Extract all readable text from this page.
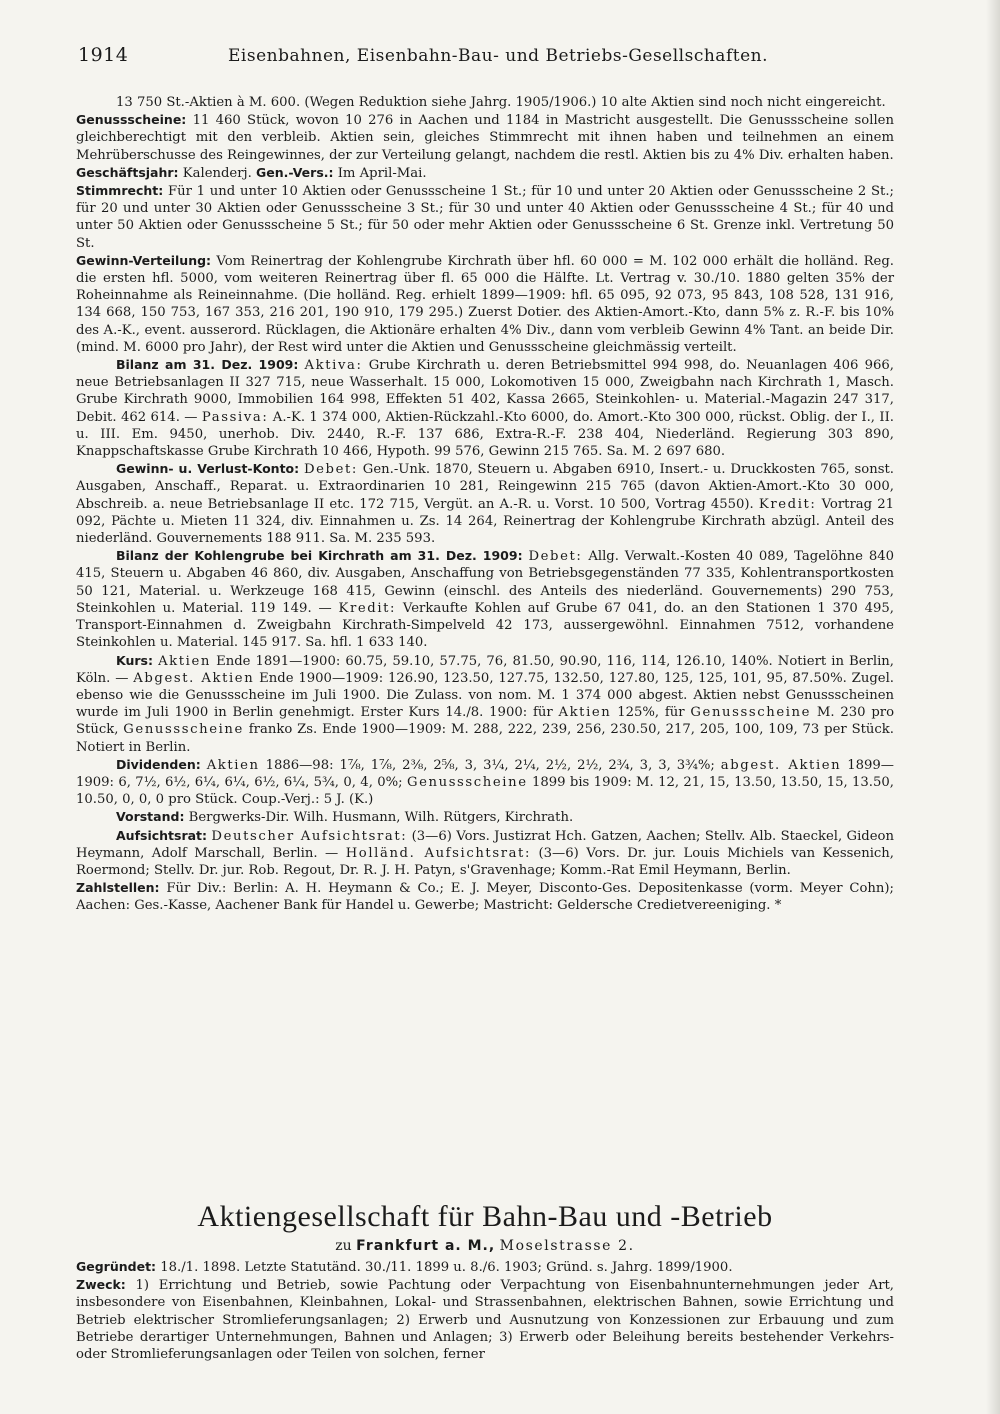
1914	Eisenbahnen, Eisenbahn-Bau- und Betriebs-Gesellschaften.

13 750 St.-Aktien à M. 600. (Wegen Reduktion siehe Jahrg. 1905/1906.) 10 alte Aktien sind noch nicht eingereicht.

Genussscheine: 11 460 Stück, wovon 10 276 in Aachen und 1184 in Mastricht ausgestellt. Die Genussscheine sollen gleichberechtigt mit den verbleib. Aktien sein, gleiches Stimmrecht mit ihnen haben und teilnehmen an einem Mehrüberschusse des Reingewinnes, der zur Verteilung gelangt, nachdem die restl. Aktien bis zu 4% Div. erhalten haben.

Geschäftsjahr: Kalenderj. Gen.-Vers.: Im April-Mai.

Stimmrecht: Für 1 und unter 10 Aktien oder Genussscheine 1 St.; für 10 und unter 20 Aktien oder Genussscheine 2 St.; für 20 und unter 30 Aktien oder Genussscheine 3 St.; für 30 und unter 40 Aktien oder Genussscheine 4 St.; für 40 und unter 50 Aktien oder Genussscheine 5 St.; für 50 oder mehr Aktien oder Genussscheine 6 St. Grenze inkl. Vertretung 50 St.

Gewinn-Verteilung: Vom Reinertrag der Kohlengrube Kirchrath über hfl. 60 000 = M. 102 000 erhält die holländ. Reg. die ersten hfl. 5000, vom weiteren Reinertrag über fl. 65 000 die Hälfte. Lt. Vertrag v. 30./10. 1880 gelten 35% der Roheinnahme als Reineinnahme. (Die holländ. Reg. erhielt 1899—1909: hfl. 65 095, 92 073, 95 843, 108 528, 131 916, 134 668, 150 753, 167 353, 216 201, 190 910, 179 295.) Zuerst Dotier. des Aktien-Amort.-Kto, dann 5% z. R.-F. bis 10% des A.-K., event. ausserord. Rücklagen, die Aktionäre erhalten 4% Div., dann vom verbleib Gewinn 4% Tant. an beide Dir. (mind. M. 6000 pro Jahr), der Rest wird unter die Aktien und Genussscheine gleichmässig verteilt.

Bilanz am 31. Dez. 1909: Aktiva: Grube Kirchrath u. deren Betriebsmittel 994 998, do. Neuanlagen 406 966, neue Betriebsanlagen II 327 715, neue Wasserhalt. 15 000, Lokomotiven 15 000, Zweigbahn nach Kirchrath 1, Masch. Grube Kirchrath 9000, Immobilien 164 998, Effekten 51 402, Kassa 2665, Steinkohlen- u. Material.-Magazin 247 317, Debit. 462 614. — Passiva: A.-K. 1 374 000, Aktien-Rückzahl.-Kto 6000, do. Amort.-Kto 300 000, rückst. Oblig. der I., II. u. III. Em. 9450, unerhob. Div. 2440, R.-F. 137 686, Extra-R.-F. 238 404, Niederländ. Regierung 303 890, Knappschaftskasse Grube Kirchrath 10 466, Hypoth. 99 576, Gewinn 215 765. Sa. M. 2 697 680.

Gewinn- u. Verlust-Konto: Debet: Gen.-Unk. 1870, Steuern u. Abgaben 6910, Insert.- u. Druckkosten 765, sonst. Ausgaben, Anschaff., Reparat. u. Extraordinarien 10 281, Reingewinn 215 765 (davon Aktien-Amort.-Kto 30 000, Abschreib. a. neue Betriebsanlage II etc. 172 715, Vergüt. an A.-R. u. Vorst. 10 500, Vortrag 4550). Kredit: Vortrag 21 092, Pächte u. Mieten 11 324, div. Einnahmen u. Zs. 14 264, Reinertrag der Kohlengrube Kirchrath abzügl. Anteil des niederländ. Gouvernements 188 911. Sa. M. 235 593.

Bilanz der Kohlengrube bei Kirchrath am 31. Dez. 1909: Debet: Allg. Verwalt.-Kosten 40 089, Tagelöhne 840 415, Steuern u. Abgaben 46 860, div. Ausgaben, Anschaffung von Betriebsgegenständen 77 335, Kohlentransportkosten 50 121, Material. u. Werkzeuge 168 415, Gewinn (einschl. des Anteils des niederländ. Gouvernements) 290 753, Steinkohlen u. Material. 119 149. — Kredit: Verkaufte Kohlen auf Grube 67 041, do. an den Stationen 1 370 495, Transport-Einnahmen d. Zweigbahn Kirchrath-Simpelveld 42 173, aussergewöhnl. Einnahmen 7512, vorhandene Steinkohlen u. Material. 145 917. Sa. hfl. 1 633 140.

Kurs: Aktien Ende 1891—1900: 60.75, 59.10, 57.75, 76, 81.50, 90.90, 116, 114, 126.10, 140%. Notiert in Berlin, Köln. — Abgest. Aktien Ende 1900—1909: 126.90, 123.50, 127.75, 132.50, 127.80, 125, 125, 101, 95, 87.50%. Zugel. ebenso wie die Genussscheine im Juli 1900. Die Zulass. von nom. M. 1 374 000 abgest. Aktien nebst Genussscheinen wurde im Juli 1900 in Berlin genehmigt. Erster Kurs 14./8. 1900: für Aktien 125%, für Genussscheine M. 230 pro Stück, Genussscheine franko Zs. Ende 1900—1909: M. 288, 222, 239, 256, 230.50, 217, 205, 100, 109, 73 per Stück. Notiert in Berlin.

Dividenden: Aktien 1886—98: 1⅞, 1⅞, 2⅜, 2⅝, 3, 3¼, 2¼, 2½, 2½, 2¾, 3, 3, 3¾%; abgest. Aktien 1899—1909: 6, 7½, 6½, 6¼, 6¼, 6½, 6¼, 5¾, 0, 4, 0%; Genussscheine 1899 bis 1909: M. 12, 21, 15, 13.50, 13.50, 15, 13.50, 10.50, 0, 0, 0 pro Stück. Coup.-Verj.: 5 J. (K.)

Vorstand: Bergwerks-Dir. Wilh. Husmann, Wilh. Rütgers, Kirchrath.

Aufsichtsrat: Deutscher Aufsichtsrat: (3—6) Vors. Justizrat Hch. Gatzen, Aachen; Stellv. Alb. Staeckel, Gideon Heymann, Adolf Marschall, Berlin. — Holländ. Aufsichtsrat: (3—6) Vors. Dr. jur. Louis Michiels van Kessenich, Roermond; Stellv. Dr. jur. Rob. Regout, Dr. R. J. H. Patyn, s'Gravenhage; Komm.-Rat Emil Heymann, Berlin.

Zahlstellen: Für Div.: Berlin: A. H. Heymann & Co.; E. J. Meyer, Disconto-Ges. Depositenkasse (vorm. Meyer Cohn); Aachen: Ges.-Kasse, Aachener Bank für Handel u. Gewerbe; Mastricht: Geldersche Credietvereeniging. *

Aktiengesellschaft für Bahn-Bau und -Betrieb
zu Frankfurt a. M., Moselstrasse 2.

Gegründet: 18./1. 1898. Letzte Statutänd. 30./11. 1899 u. 8./6. 1903; Gründ. s. Jahrg. 1899/1900.

Zweck: 1) Errichtung und Betrieb, sowie Pachtung oder Verpachtung von Eisenbahnunternehmungen jeder Art, insbesondere von Eisenbahnen, Kleinbahnen, Lokal- und Strassenbahnen, elektrischen Bahnen, sowie Errichtung und Betrieb elektrischer Stromlieferungsanlagen; 2) Erwerb und Ausnutzung von Konzessionen zur Erbauung und zum Betriebe derartiger Unternehmungen, Bahnen und Anlagen; 3) Erwerb oder Beleihung bereits bestehender Verkehrs- oder Stromlieferungsanlagen oder Teilen von solchen, ferner
